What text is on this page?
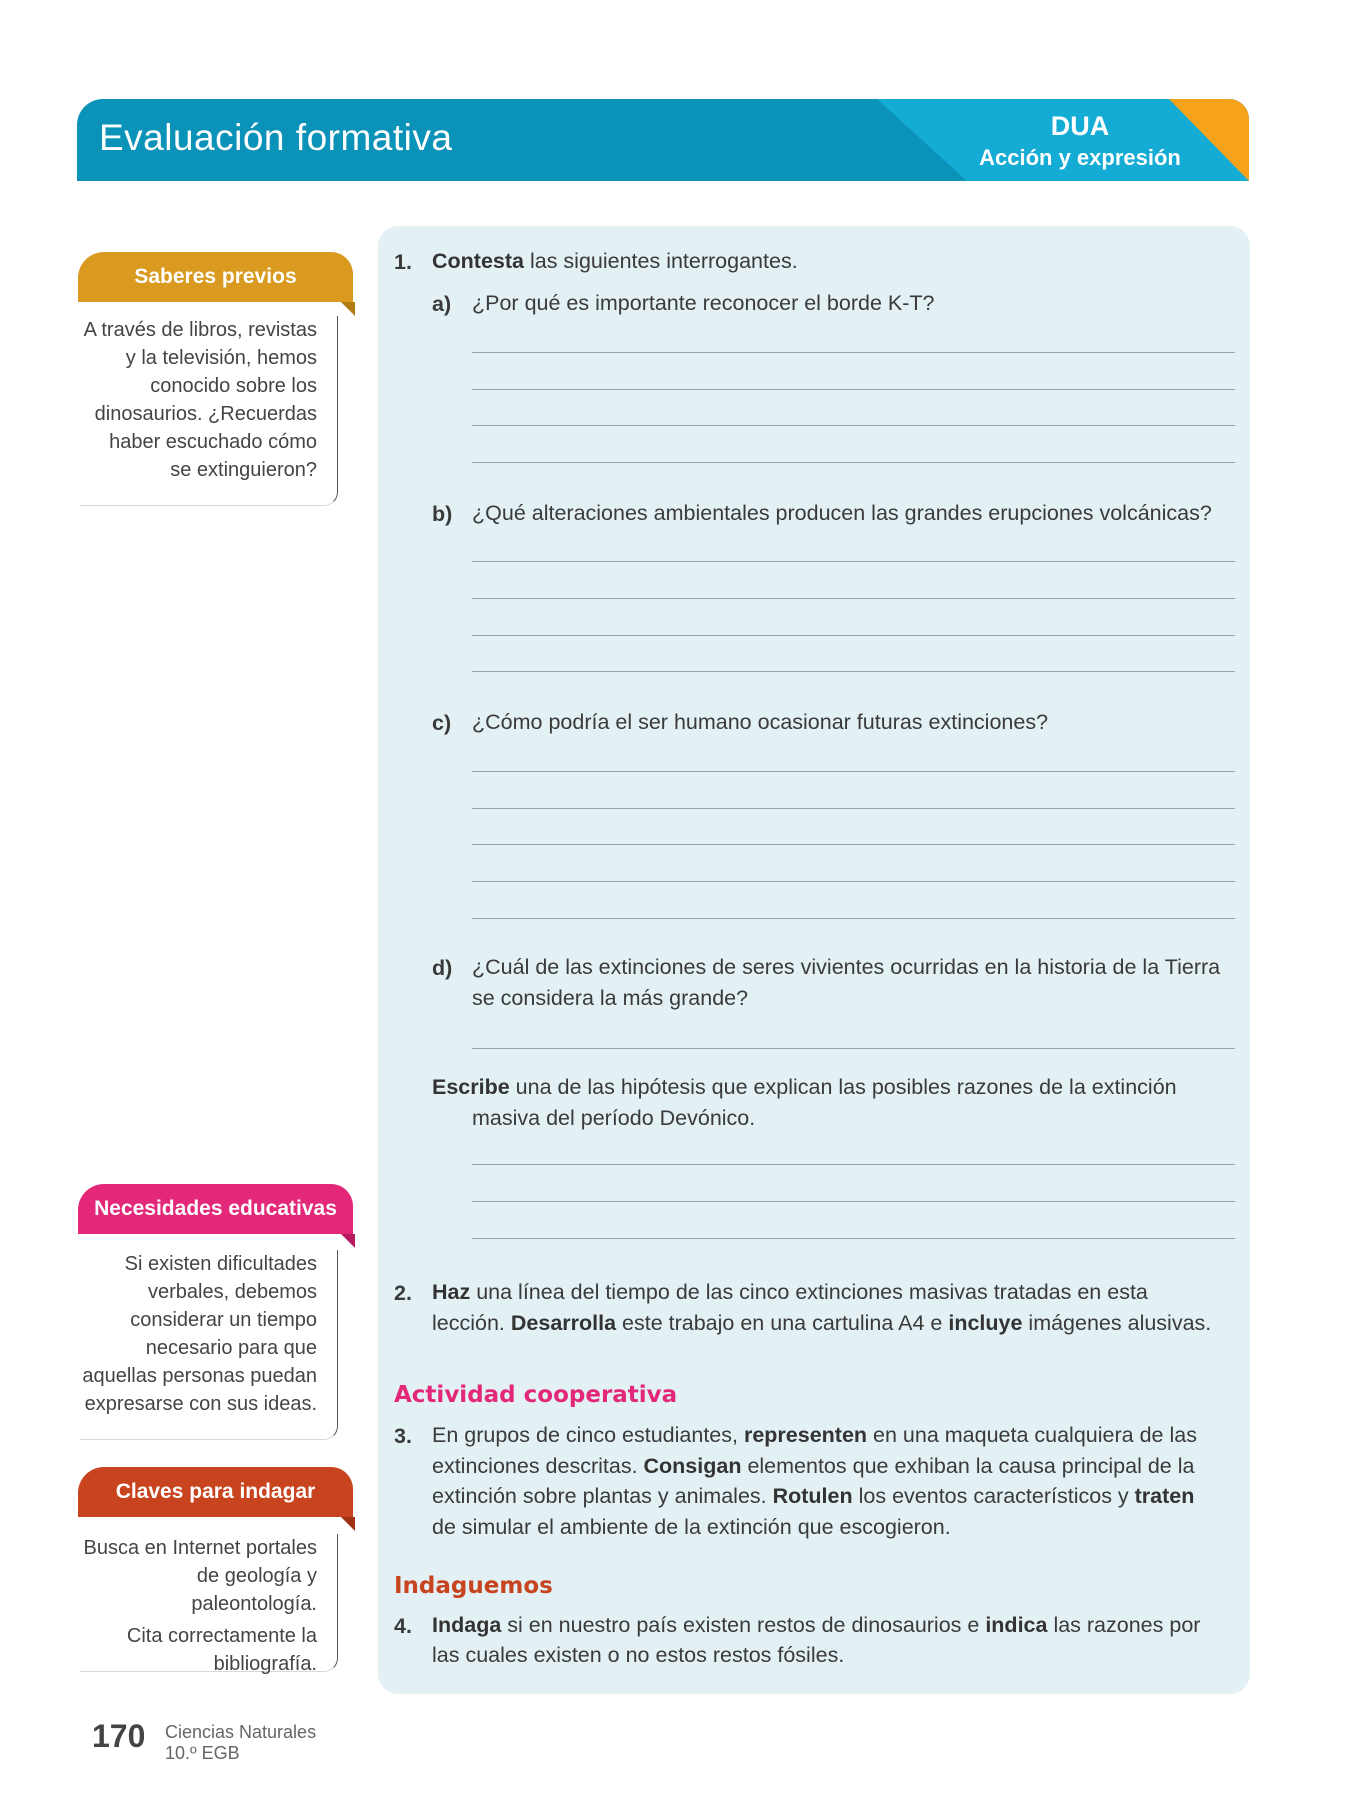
Evaluación formativa	DUA
Acción y expresión
Saberes previos
A través de libros, revistas
y la televisión, hemos
conocido sobre los
dinosaurios. ¿Recuerdas
haber escuchado cómo
se extinguieron?
Necesidades educativas
Si existen dificultades
verbales, debemos
considerar un tiempo
necesario para que
aquellas personas puedan
expresarse con sus ideas.
Claves para indagar

Busca en Internet portales
de geología y paleontología.

Cita correctamente la
bibliografía.

1. Contesta las siguientes interrogantes.
a) ¿Por qué es importante reconocer el borde K-T?
b) ¿Qué alteraciones ambientales producen las grandes erupciones volcánicas?
c) ¿Cómo podría el ser humano ocasionar futuras extinciones?
d) ¿Cuál de las extinciones de seres vivientes ocurridas en la historia de la Tierra
se considera la más grande?
Escribe una de las hipótesis que explican las posibles razones de la extinción
masiva del período Devónico.
2. Haz una línea del tiempo de las cinco extinciones masivas tratadas en esta
lección. Desarrolla este trabajo en una cartulina A4 e incluye imágenes alusivas.
Actividad cooperativa
3. En grupos de cinco estudiantes, representen en una maqueta cualquiera de las
extinciones descritas. Consigan elementos que exhiban la causa principal de la
extinción sobre plantas y animales. Rotulen los eventos característicos y traten
de simular el ambiente de la extinción que escogieron.
Indaguemos
4. Indaga si en nuestro país existen restos de dinosaurios e indica las razones por
las cuales existen o no estos restos fósiles.
170 Ciencias Naturales
10.º EGB
